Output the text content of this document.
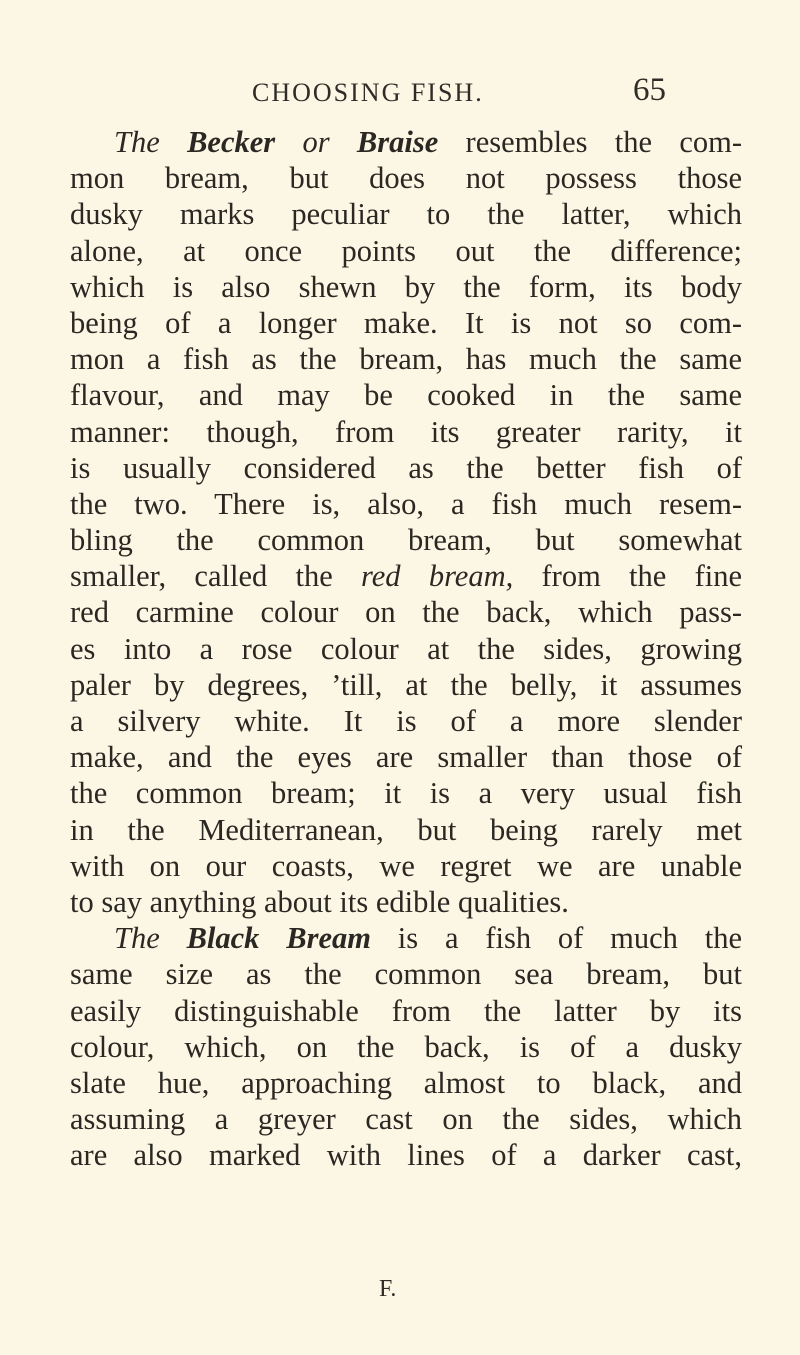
CHOOSING FISH.	65
The Becker or Braise resembles the com-
mon bream, but does not possess those
dusky marks peculiar to the latter, which
alone, at once points out the difference;
which is also shewn by the form, its body
being of a longer make. It is not so com-
mon a fish as the bream, has much the same
flavour, and may be cooked in the same
manner: though, from its greater rarity, it
is usually considered as the better fish of
the two. There is, also, a fish much resem-
bling the common bream, but somewhat
smaller, called the red bream, from the fine
red carmine colour on the back, which pass-
es into a rose colour at the sides, growing
paler by degrees, ’till, at the belly, it assumes
a silvery white. It is of a more slender
make, and the eyes are smaller than those of
the common bream; it is a very usual fish
in the Mediterranean, but being rarely met
with on our coasts, we regret we are unable
to say anything about its edible qualities.
The Black Bream is a fish of much the
same size as the common sea bream, but
easily distinguishable from the latter by its
colour, which, on the back, is of a dusky
slate hue, approaching almost to black, and
assuming a greyer cast on the sides, which
are also marked with lines of a darker cast,
F.
